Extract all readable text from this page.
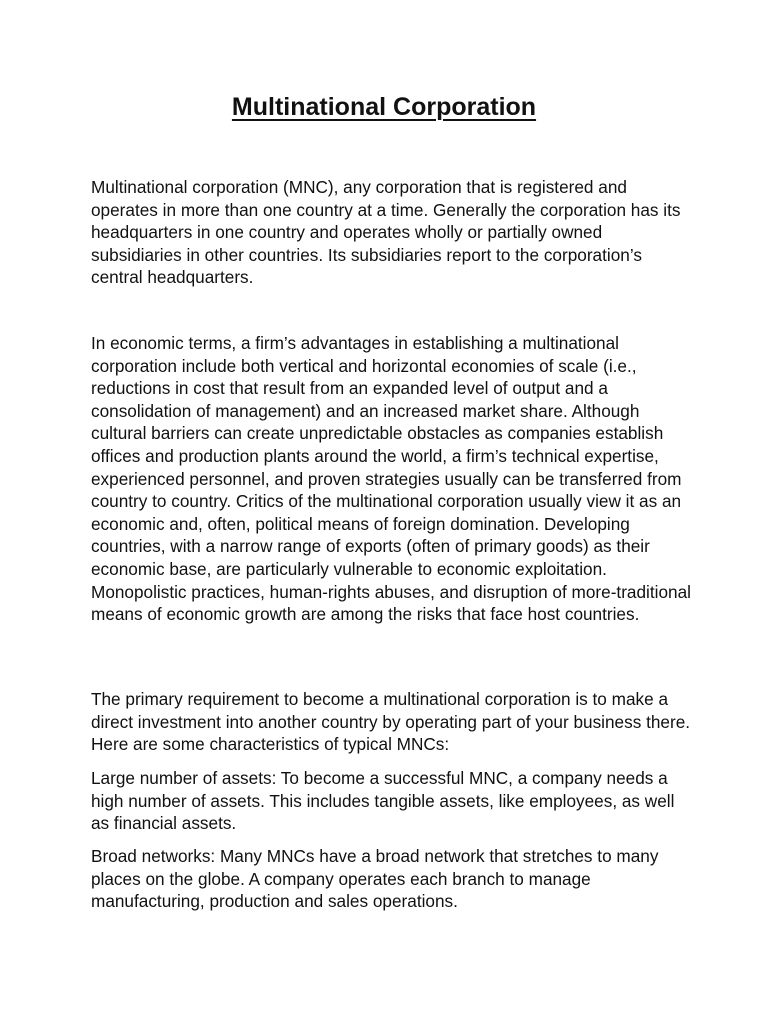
Multinational Corporation

Multinational corporation (MNC), any corporation that is registered and operates in more than one country at a time. Generally the corporation has its headquarters in one country and operates wholly or partially owned subsidiaries in other countries. Its subsidiaries report to the corporation’s central headquarters.

In economic terms, a firm’s advantages in establishing a multinational corporation include both vertical and horizontal economies of scale (i.e., reductions in cost that result from an expanded level of output and a consolidation of management) and an increased market share. Although cultural barriers can create unpredictable obstacles as companies establish offices and production plants around the world, a firm’s technical expertise, experienced personnel, and proven strategies usually can be transferred from country to country. Critics of the multinational corporation usually view it as an economic and, often, political means of foreign domination. Developing countries, with a narrow range of exports (often of primary goods) as their economic base, are particularly vulnerable to economic exploitation. Monopolistic practices, human-rights abuses, and disruption of more-traditional means of economic growth are among the risks that face host countries.

The primary requirement to become a multinational corporation is to make a direct investment into another country by operating part of your business there. Here are some characteristics of typical MNCs:

Large number of assets: To become a successful MNC, a company needs a high number of assets. This includes tangible assets, like employees, as well as financial assets.

Broad networks: Many MNCs have a broad network that stretches to many places on the globe. A company operates each branch to manage manufacturing, production and sales operations.
